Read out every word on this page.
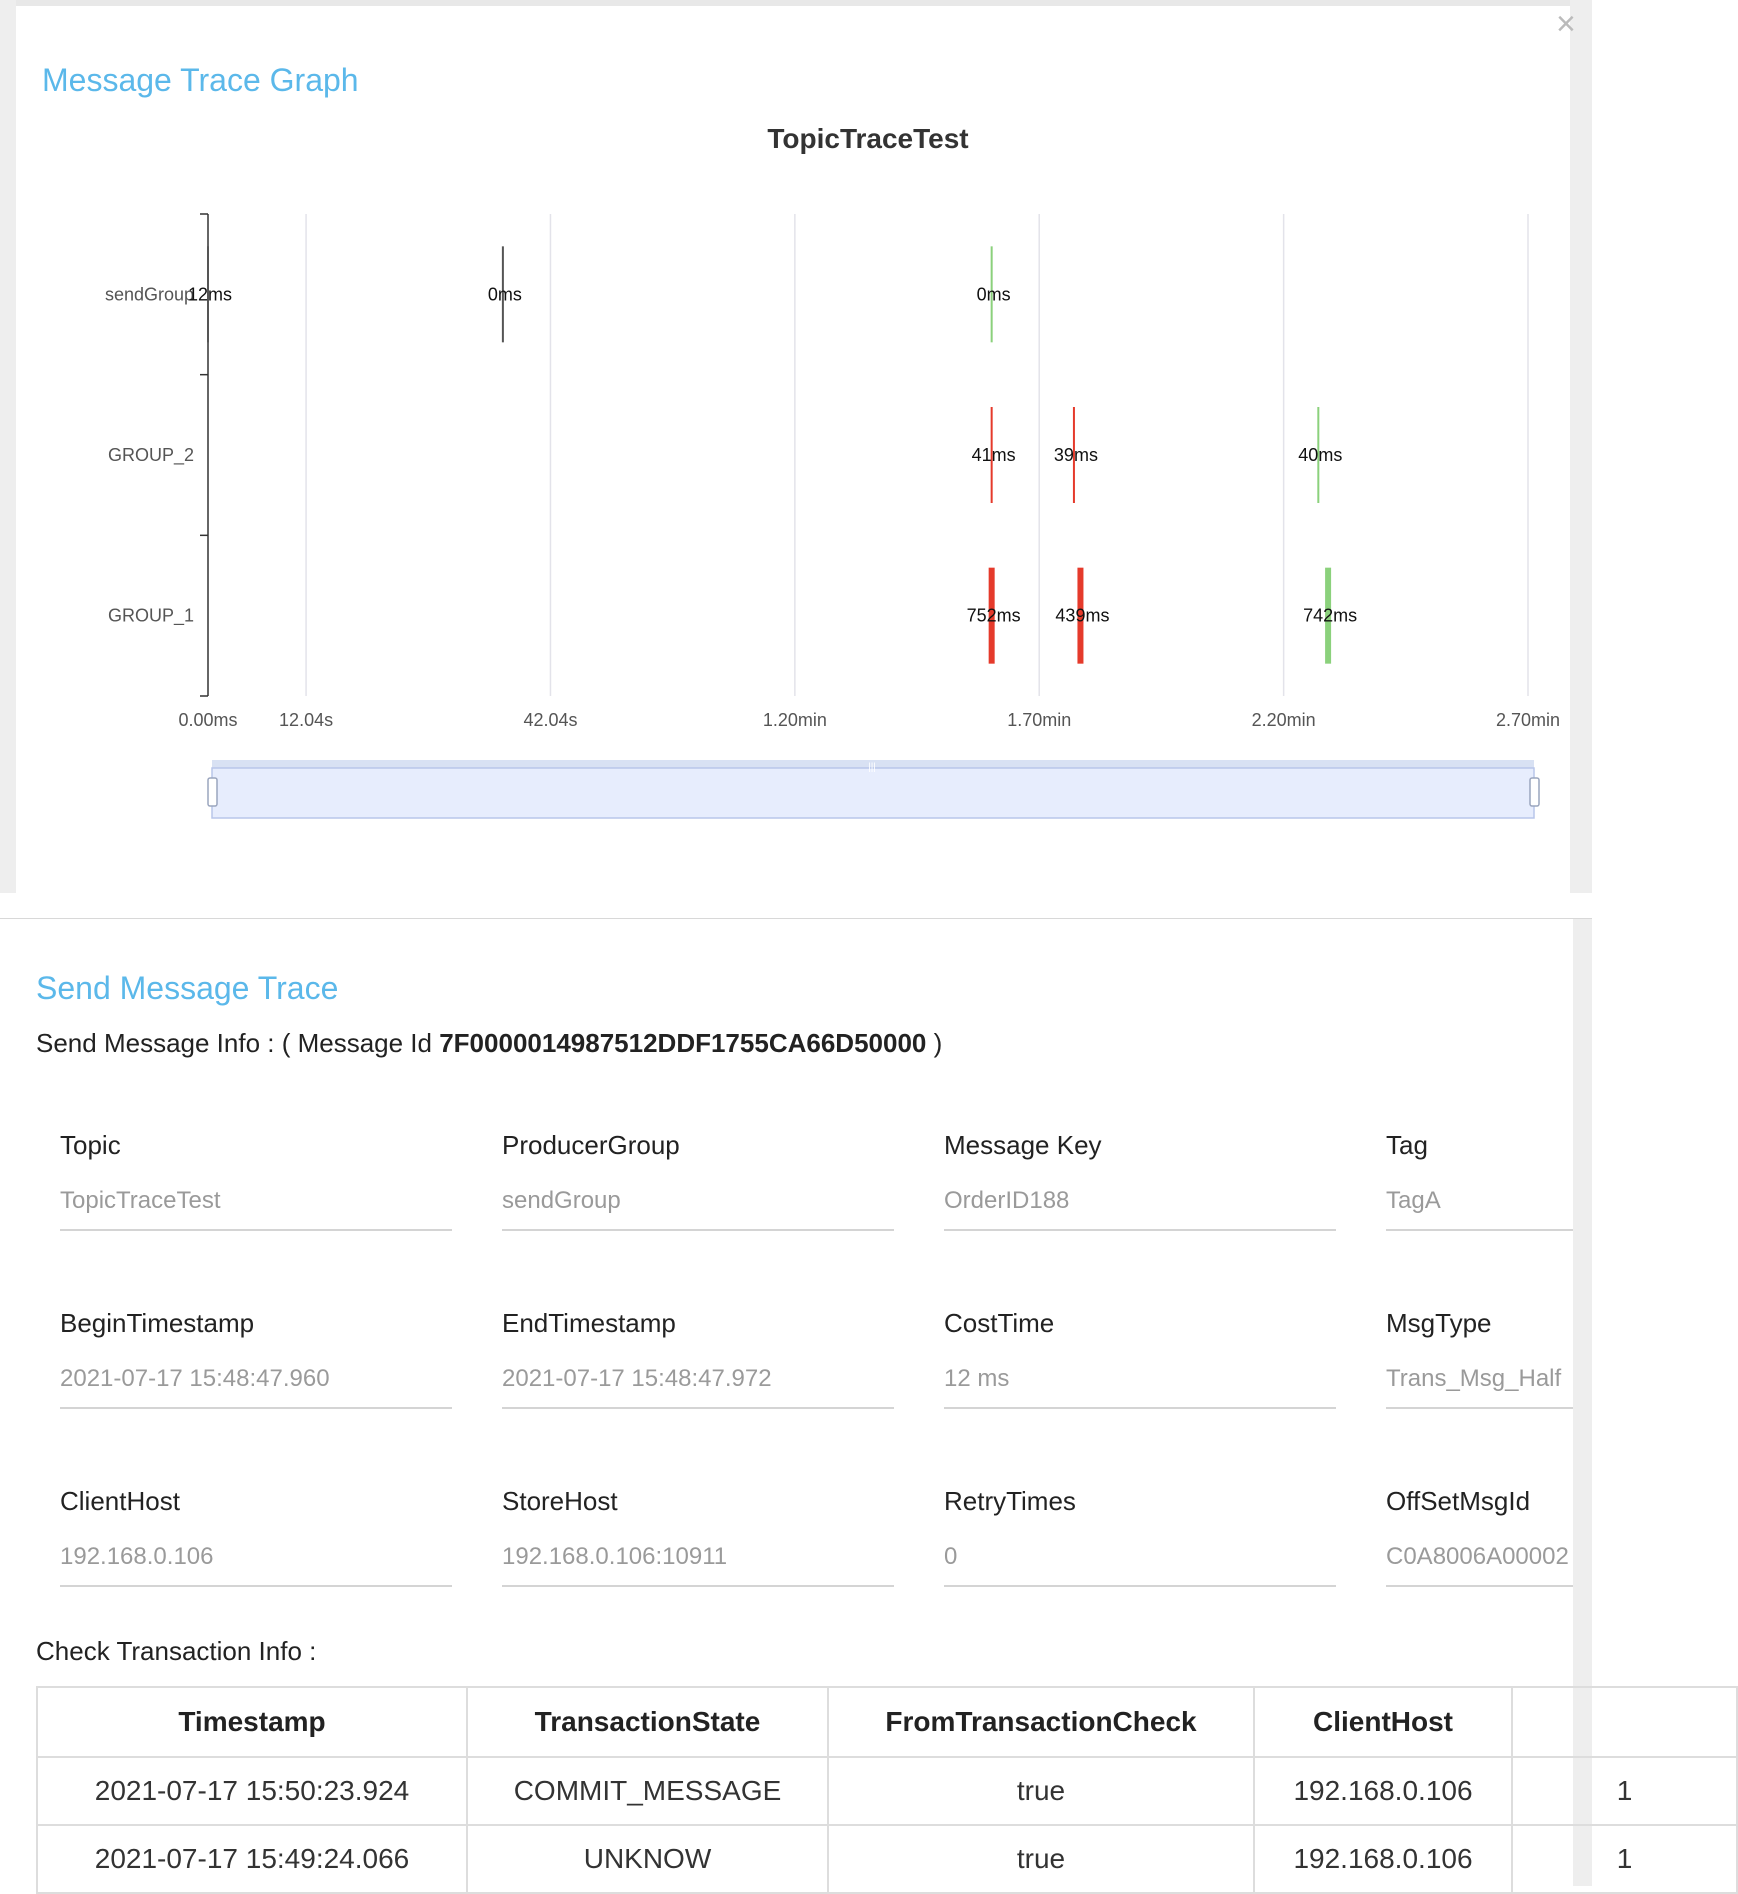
×
Message Trace Graph
TopicTraceTest
0.00ms 12.04s	42.04s	1.20min	1.70min	2.20min	2.70min
sendGroup
GROUP_2
GROUP_1
12ms	0ms	0ms
41ms 39ms	40ms
752ms 439ms	742ms
|||
Send Message Trace
Send Message Info : ( Message Id 7F0000014987512DDF1755CA66D50000 )
Topic
TopicTraceTest
ProducerGroup
sendGroup
Message Key
OrderID188
Tag
TagA
BeginTimestamp
2021-07-17 15:48:47.960
EndTimestamp
2021-07-17 15:48:47.972
CostTime
12 ms
MsgType
Trans_Msg_Half
ClientHost
192.168.0.106
StoreHost
192.168.0.106:10911
RetryTimes
0
OffSetMsgId
C0A8006A00002
Check Transaction Info :
Timestamp	TransactionState	FromTransactionCheck	ClientHost	
2021-07-17 15:50:23.924	COMMIT_MESSAGE	true	192.168.0.106	1
2021-07-17 15:49:24.066	UNKNOW	true	192.168.0.106	1
